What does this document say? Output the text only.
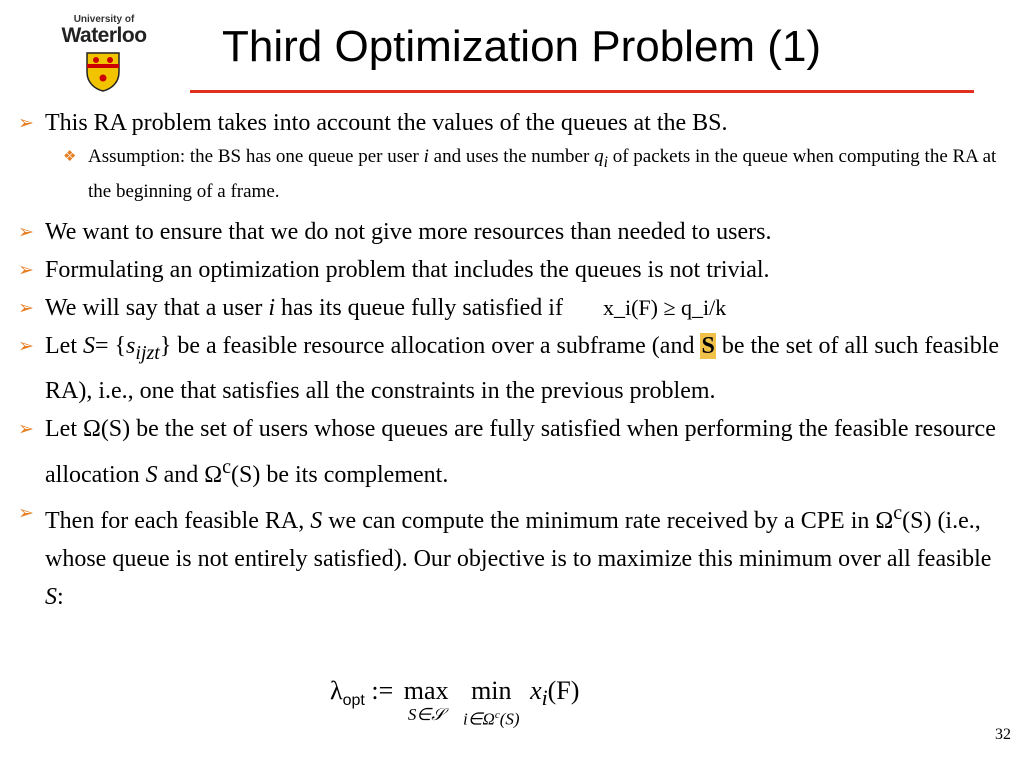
University of
Waterloo Third Optimization Problem (1)

➢ This RA problem takes into account the values of the queues at the BS.

❖ Assumption: the BS has one queue per user i and uses the number $q_i$ of packets in the queue when computing the RA at the beginning of a frame.

➢ We want to ensure that we do not give more resources than needed to users.

➢ Formulating an optimization problem that includes the queues is not trivial.

➢ We will say that a user i has its queue fully satisfied if x_i(F) ≥ q_i/k

➢ Let $S= \{s_{ijzt}\}$ be a feasible resource allocation over a subframe (and S be the set of all such feasible RA), i.e., one that satisfies all the constraints in the previous problem.

➢ Let Ω(S) be the set of users whose queues are fully satisfied when performing the feasible resource allocation S and $\Omega^c(S)$ be its complement.

➢ Then for each feasible RA, S we can compute the minimum rate received by a CPE in $\Omega^c(S)$ (i.e., whose queue is not entirely satisfied). Our objective is to maximize this minimum over all feasible S:

$\lambda_{opt}$ := max
S∈𝒮
min
$i\in\Omega^c(S)$
$x_i(F)$
32
